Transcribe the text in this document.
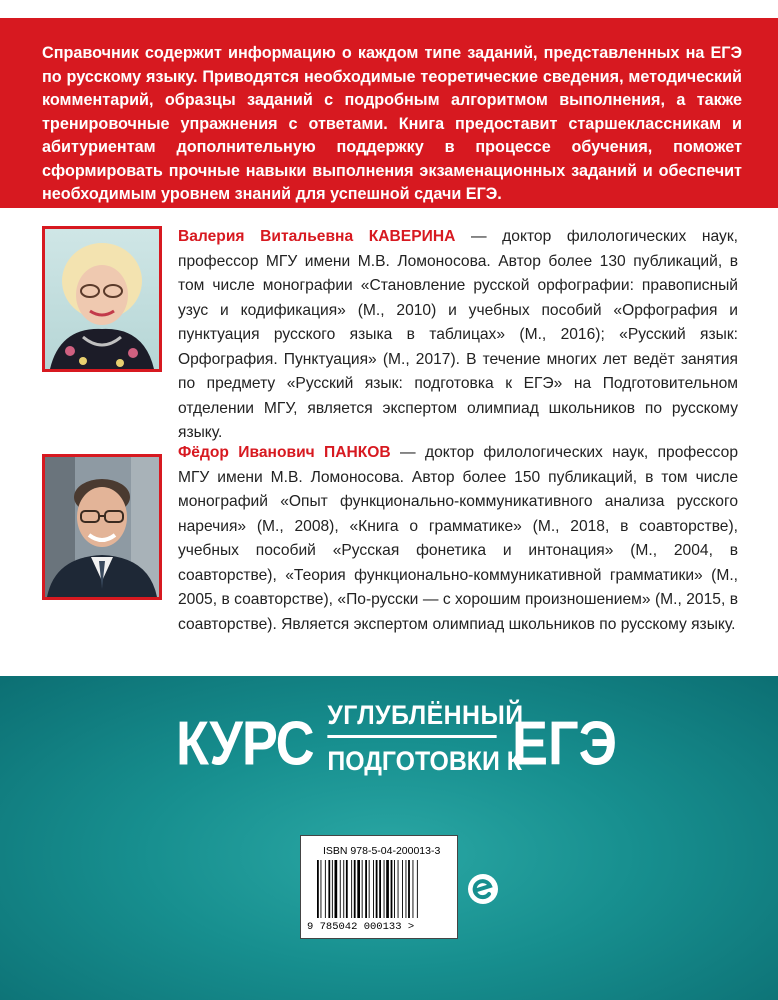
Справочник содержит информацию о каждом типе заданий, представленных на ЕГЭ по русскому языку. Приводятся необходимые теоретические сведения, методический комментарий, образцы заданий с подробным алгоритмом выполнения, а также тренировочные упражнения с ответами. Книга предоставит старшеклассникам и абитуриентам дополнительную поддержку в процессе обучения, поможет сформировать прочные навыки выполнения экзаменационных заданий и обеспечит необходимым уровнем знаний для успешной сдачи ЕГЭ.

Валерия Витальевна КАВЕРИНА — доктор филологических наук, профессор МГУ имени М.В. Ломоносова. Автор более 130 публикаций, в том числе монографии «Становление русской орфографии: правописный узус и кодификация» (М., 2010) и учебных пособий «Орфография и пунктуация русского языка в таблицах» (М., 2016); «Русский язык: Орфография. Пунктуация» (М., 2017). В течение многих лет ведёт занятия по предмету «Русский язык: подготовка к ЕГЭ» на Подготовительном отделении МГУ, является экспертом олимпиад школьников по русскому языку.

Фёдор Иванович ПАНКОВ — доктор филологических наук, профессор МГУ имени М.В. Ломоносова. Автор более 150 публикаций, в том числе монографий «Опыт функционально-коммуникативного анализа русского наречия» (М., 2008), «Книга о грамматике» (М., 2018, в соавторстве), учебных пособий «Русская фонетика и интонация» (М., 2004, в соавторстве), «Теория функционально-коммуникативной грамматики» (М., 2005, в соавторстве), «По-русски — с хорошим произношением» (М., 2015, в соавторстве). Является экспертом олимпиад школьников по русскому языку.

КУРС УГЛУБЛЁННЫЙ
ПОДГОТОВКИ К
ЕГЭ
ISBN 978-5-04-200013-3
9 785042 000133 >
